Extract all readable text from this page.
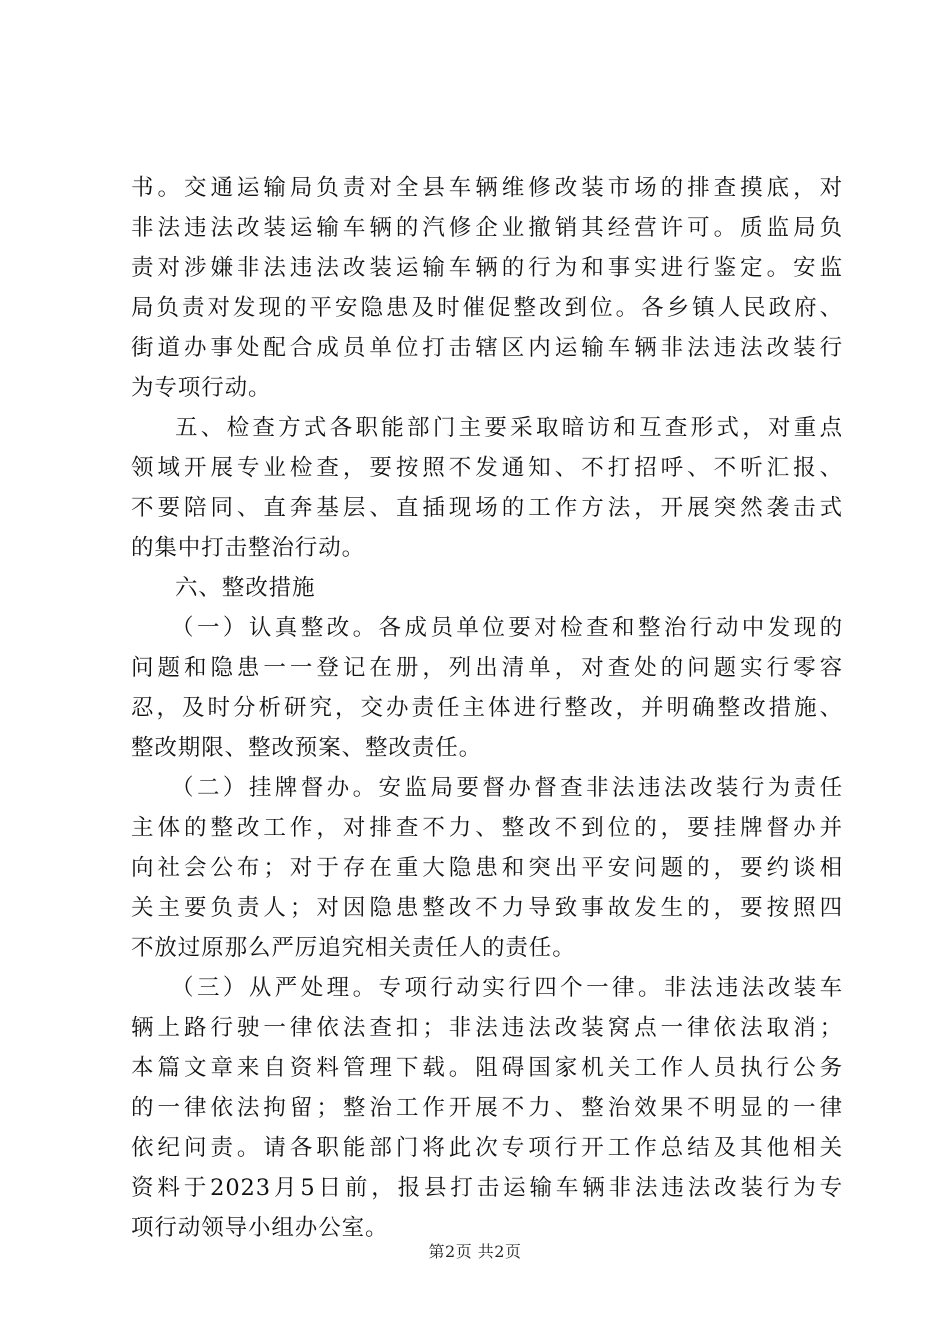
书。交通运输局负责对全县车辆维修改装市场的排查摸底，对
非法违法改装运输车辆的汽修企业撤销其经营许可。质监局负
责对涉嫌非法违法改装运输车辆的行为和事实进行鉴定。安监
局负责对发现的平安隐患及时催促整改到位。各乡镇人民政府、
街道办事处配合成员单位打击辖区内运输车辆非法违法改装行
为专项行动。
五、检查方式各职能部门主要采取暗访和互查形式，对重点
领域开展专业检查，要按照不发通知、不打招呼、不听汇报、
不要陪同、直奔基层、直插现场的工作方法，开展突然袭击式
的集中打击整治行动。
六、整改措施
（一）认真整改。各成员单位要对检查和整治行动中发现的
问题和隐患一一登记在册，列出清单，对查处的问题实行零容
忍，及时分析研究，交办责任主体进行整改，并明确整改措施、
整改期限、整改预案、整改责任。
（二）挂牌督办。安监局要督办督查非法违法改装行为责任
主体的整改工作，对排查不力、整改不到位的，要挂牌督办并
向社会公布；对于存在重大隐患和突出平安问题的，要约谈相
关主要负责人；对因隐患整改不力导致事故发生的，要按照四
不放过原那么严厉追究相关责任人的责任。
（三）从严处理。专项行动实行四个一律。非法违法改装车
辆上路行驶一律依法查扣；非法违法改装窝点一律依法取消；
本篇文章来自资料管理下载。阻碍国家机关工作人员执行公务
的一律依法拘留；整治工作开展不力、整治效果不明显的一律
依纪问责。请各职能部门将此次专项行开工作总结及其他相关
资料于2023月5日前，报县打击运输车辆非法违法改装行为专
项行动领导小组办公室。
第2页 共2页
